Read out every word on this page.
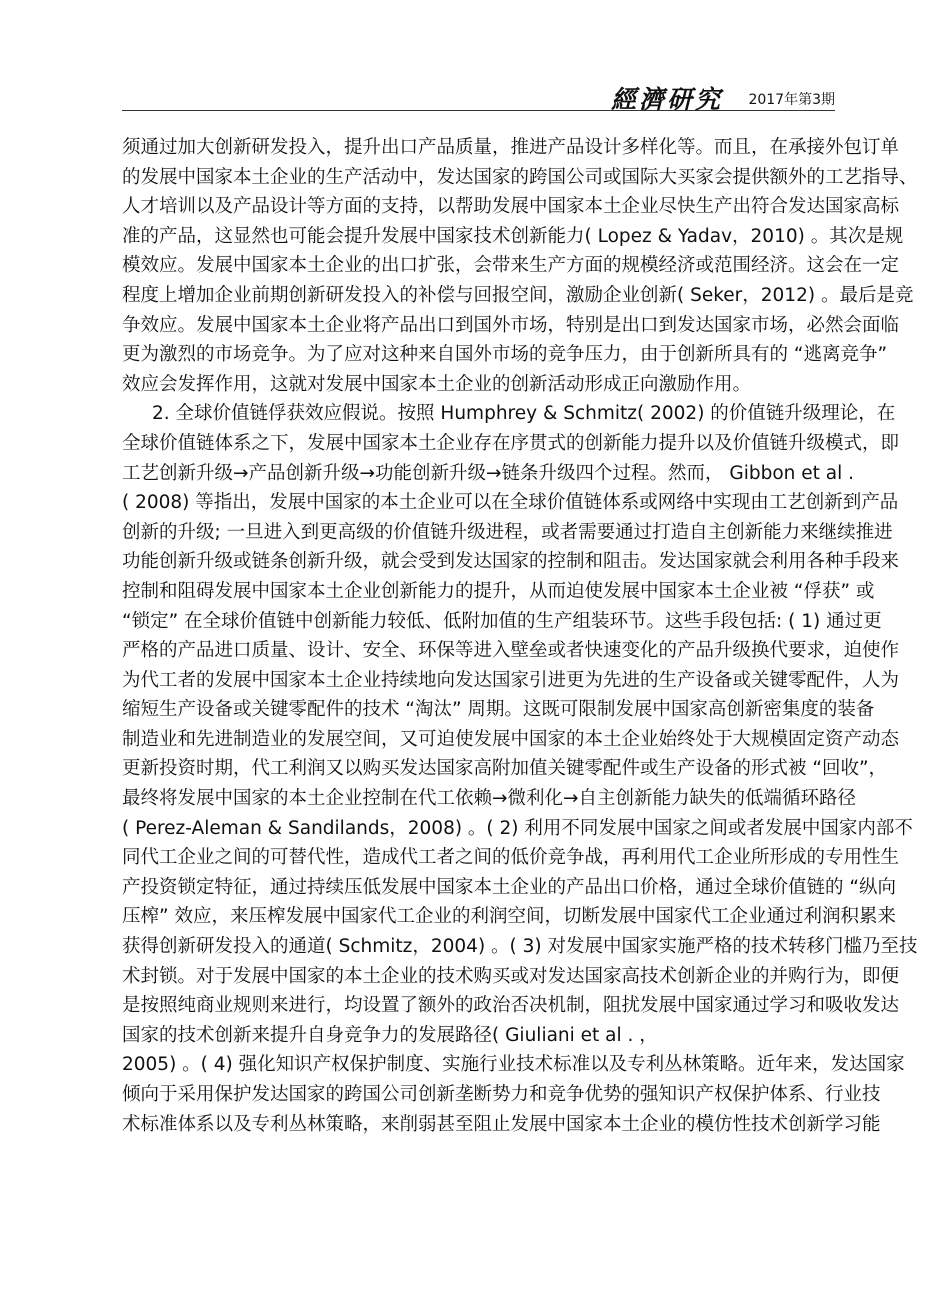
經濟研究 2017年第3期
须通过加大创新研发投入，提升出口产品质量，推进产品设计多样化等。而且，在承接外包订单
的发展中国家本土企业的生产活动中，发达国家的跨国公司或国际大买家会提供额外的工艺指导、
人才培训以及产品设计等方面的支持，以帮助发展中国家本土企业尽快生产出符合发达国家高标
准的产品，这显然也可能会提升发展中国家技术创新能力( Lopez & Yadav，2010) 。其次是规
模效应。发展中国家本土企业的出口扩张，会带来生产方面的规模经济或范围经济。这会在一定
程度上增加企业前期创新研发投入的补偿与回报空间，激励企业创新( Seker，2012) 。最后是竞
争效应。发展中国家本土企业将产品出口到国外市场，特别是出口到发达国家市场，必然会面临
更为激烈的市场竞争。为了应对这种来自国外市场的竞争压力，由于创新所具有的 “逃离竞争”
效应会发挥作用，这就对发展中国家本土企业的创新活动形成正向激励作用。
2. 全球价值链俘获效应假说。按照 Humphrey & Schmitz( 2002) 的价值链升级理论，在
全球价值链体系之下，发展中国家本土企业存在序贯式的创新能力提升以及价值链升级模式，即
工艺创新升级→产品创新升级→功能创新升级→链条升级四个过程。然而， Gibbon et al .
( 2008) 等指出，发展中国家的本土企业可以在全球价值链体系或网络中实现由工艺创新到产品
创新的升级; 一旦进入到更高级的价值链升级进程，或者需要通过打造自主创新能力来继续推进
功能创新升级或链条创新升级，就会受到发达国家的控制和阻击。发达国家就会利用各种手段来
控制和阻碍发展中国家本土企业创新能力的提升，从而迫使发展中国家本土企业被 “俘获” 或
“锁定” 在全球价值链中创新能力较低、低附加值的生产组装环节。这些手段包括: ( 1) 通过更
严格的产品进口质量、设计、安全、环保等进入壁垒或者快速变化的产品升级换代要求，迫使作
为代工者的发展中国家本土企业持续地向发达国家引进更为先进的生产设备或关键零配件，人为
缩短生产设备或关键零配件的技术 “淘汰” 周期。这既可限制发展中国家高创新密集度的装备
制造业和先进制造业的发展空间，又可迫使发展中国家的本土企业始终处于大规模固定资产动态
更新投资时期，代工利润又以购买发达国家高附加值关键零配件或生产设备的形式被 “回收”，
最终将发展中国家的本土企业控制在代工依赖→微利化→自主创新能力缺失的低端循环路径
( Perez-Aleman & Sandilands，2008) 。( 2) 利用不同发展中国家之间或者发展中国家内部不
同代工企业之间的可替代性，造成代工者之间的低价竞争战，再利用代工企业所形成的专用性生
产投资锁定特征，通过持续压低发展中国家本土企业的产品出口价格，通过全球价值链的 “纵向
压榨” 效应，来压榨发展中国家代工企业的利润空间，切断发展中国家代工企业通过利润积累来
获得创新研发投入的通道( Schmitz，2004) 。( 3) 对发展中国家实施严格的技术转移门槛乃至技
术封锁。对于发展中国家的本土企业的技术购买或对发达国家高技术创新企业的并购行为，即便
是按照纯商业规则来进行，均设置了额外的政治否决机制，阻扰发展中国家通过学习和吸收发达
国家的技术创新来提升自身竞争力的发展路径( Giuliani et al . ，
2005) 。( 4) 强化知识产权保护制度、实施行业技术标准以及专利丛林策略。近年来，发达国家
倾向于采用保护发达国家的跨国公司创新垄断势力和竞争优势的强知识产权保护体系、行业技
术标准体系以及专利丛林策略，来削弱甚至阻止发展中国家本土企业的模仿性技术创新学习能
